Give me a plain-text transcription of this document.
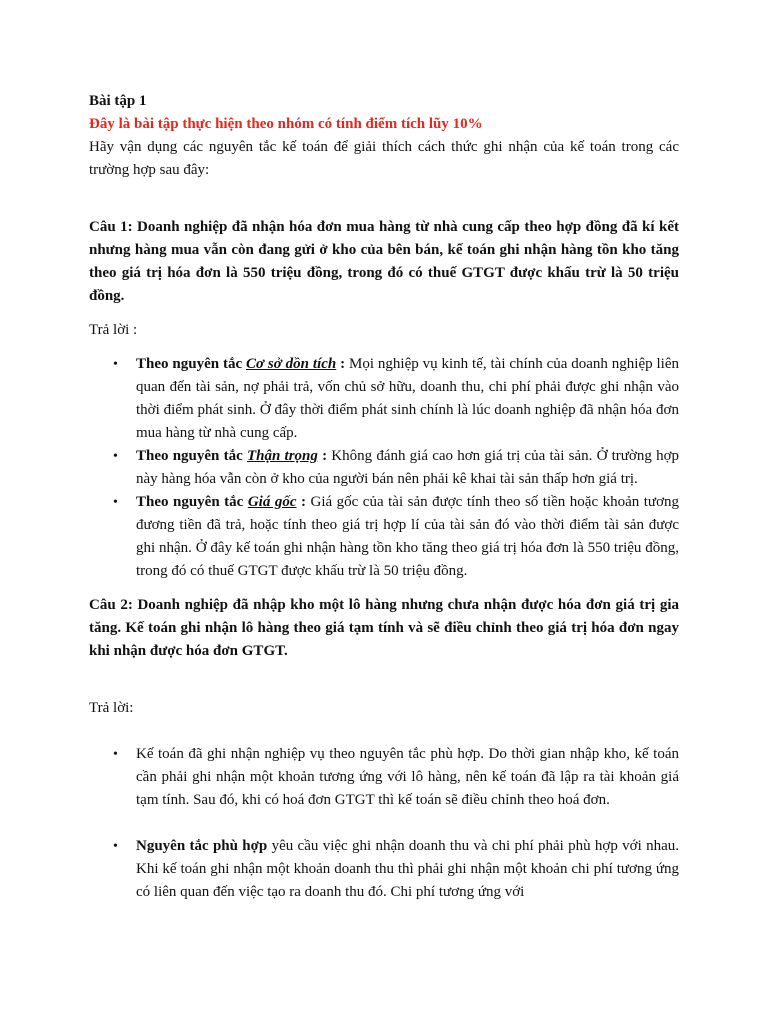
Bài tập 1

Đây là bài tập thực hiện theo nhóm có tính điểm tích lũy 10%

Hãy vận dụng các nguyên tắc kế toán để giải thích cách thức ghi nhận của kế toán trong các trường hợp sau đây:

Câu 1: Doanh nghiệp đã nhận hóa đơn mua hàng từ nhà cung cấp theo hợp đồng đã kí kết nhưng hàng mua vẫn còn đang gửi ở kho của bên bán, kế toán ghi nhận hàng tồn kho tăng theo giá trị hóa đơn là 550 triệu đồng, trong đó có thuế GTGT được khấu trừ là 50 triệu đồng.

Trả lời :

•	Theo nguyên tắc Cơ sở dồn tích : Mọi nghiệp vụ kinh tế, tài chính của doanh nghiệp liên quan đến tài sản, nợ phải trả, vốn chủ sở hữu, doanh thu, chi phí phải được ghi nhận vào thời điểm phát sinh. Ở đây thời điểm phát sinh chính là lúc doanh nghiệp đã nhận hóa đơn mua hàng từ nhà cung cấp.
•	Theo nguyên tắc Thận trọng : Không đánh giá cao hơn giá trị của tài sản. Ở trường hợp này hàng hóa vẫn còn ở kho của người bán nên phải kê khai tài sản thấp hơn giá trị.
•	Theo nguyên tắc Giá gốc : Giá gốc của tài sản được tính theo số tiền hoặc khoản tương đương tiền đã trả, hoặc tính theo giá trị hợp lí của tài sản đó vào thời điểm tài sản được ghi nhận. Ở đây kế toán ghi nhận hàng tồn kho tăng theo giá trị hóa đơn là 550 triệu đồng, trong đó có thuế GTGT được khấu trừ là 50 triệu đồng.

Câu 2: Doanh nghiệp đã nhập kho một lô hàng nhưng chưa nhận được hóa đơn giá trị gia tăng. Kế toán ghi nhận lô hàng theo giá tạm tính và sẽ điều chỉnh theo giá trị hóa đơn ngay khi nhận được hóa đơn GTGT.

Trả lời:

•	Kế toán đã ghi nhận nghiệp vụ theo nguyên tắc phù hợp. Do thời gian nhập kho, kế toán cần phải ghi nhận một khoản tương ứng với lô hàng, nên kế toán đã lập ra tài khoản giá tạm tính. Sau đó, khi có hoá đơn GTGT thì kế toán sẽ điều chỉnh theo hoá đơn.
•	Nguyên tắc phù hợp yêu cầu việc ghi nhận doanh thu và chi phí phải phù hợp với nhau. Khi kế toán ghi nhận một khoản doanh thu thì phải ghi nhận một khoản chi phí tương ứng có liên quan đến việc tạo ra doanh thu đó. Chi phí tương ứng với
